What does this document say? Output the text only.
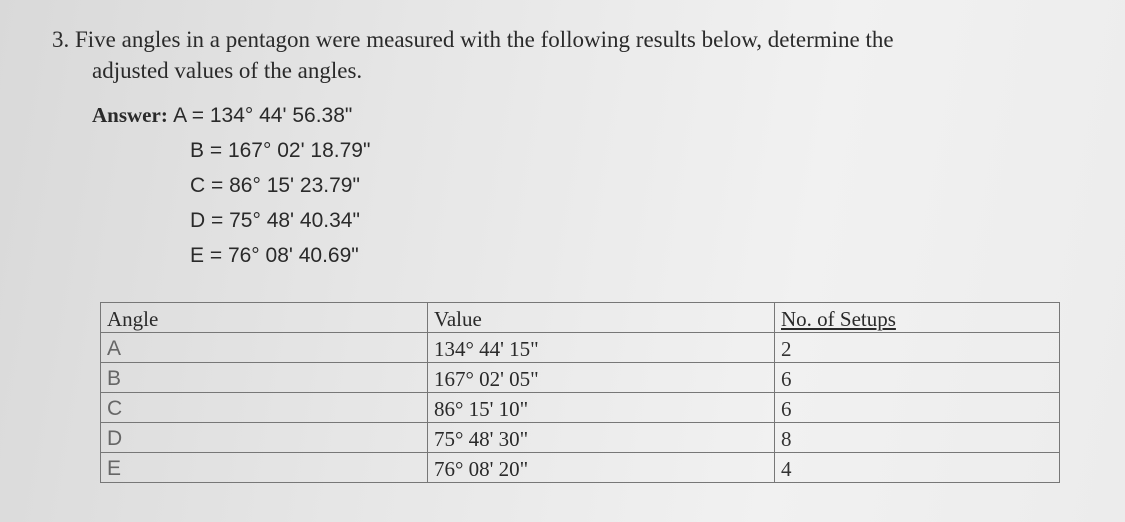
3. Five angles in a pentagon were measured with the following results below, determine the
adjusted values of the angles.
Answer: A = 134° 44' 56.38"
B = 167° 02' 18.79"
C = 86° 15' 23.79"
D = 75° 48' 40.34"
E = 76° 08' 40.69"
Angle	Value	No. of Setups
A	134° 44' 15"	2
B	167° 02' 05"	6
C	86° 15' 10"	6
D	75° 48' 30"	8
E	76° 08' 20"	4
